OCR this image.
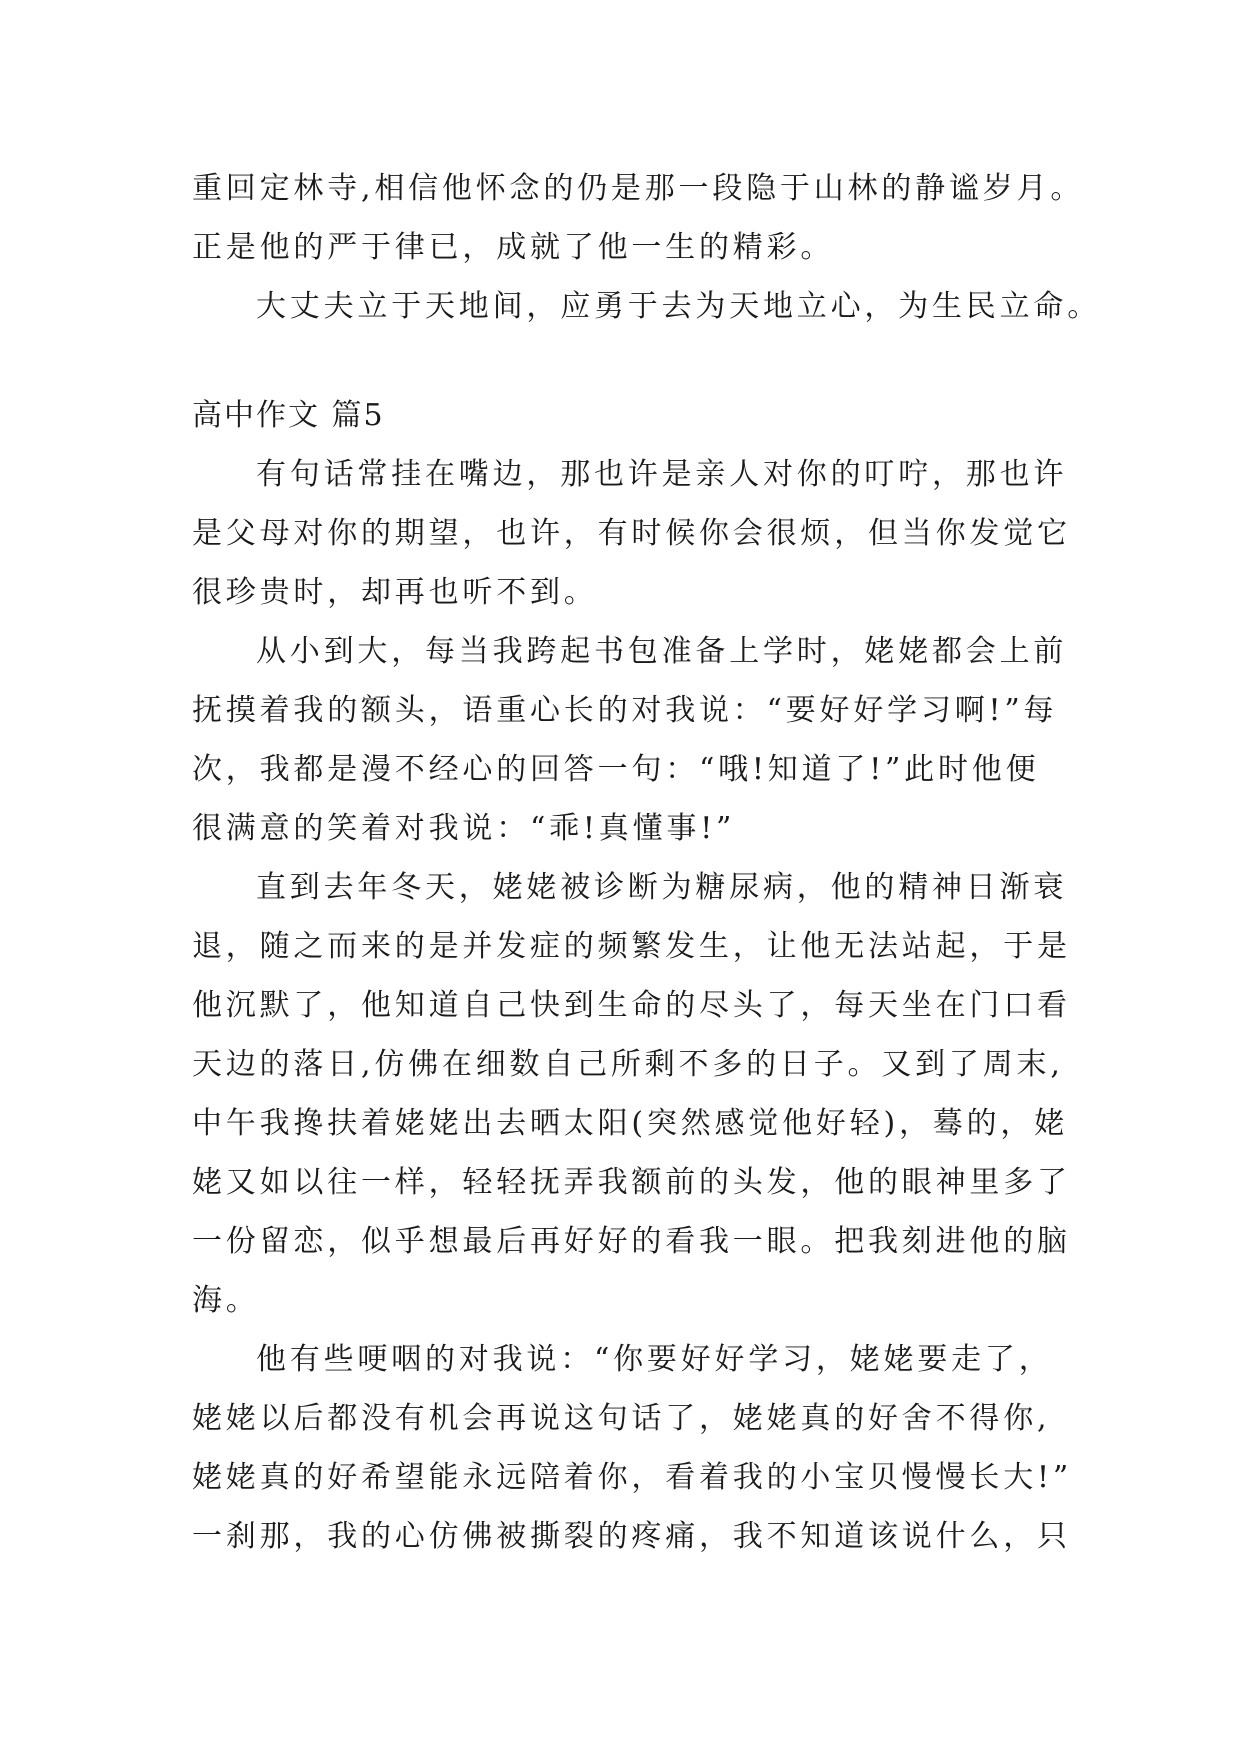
重回定林寺,相信他怀念的仍是那一段隐于山林的静谧岁月。
正是他的严于律已，成就了他一生的精彩。
大丈夫立于天地间，应勇于去为天地立心，为生民立命。
高中作文 篇5
有句话常挂在嘴边，那也许是亲人对你的叮咛，那也许
是父母对你的期望，也许，有时候你会很烦，但当你发觉它
很珍贵时，却再也听不到。
从小到大，每当我跨起书包准备上学时，姥姥都会上前
抚摸着我的额头，语重心长的对我说：“要好好学习啊!”每
次，我都是漫不经心的回答一句：“哦!知道了!”此时他便
很满意的笑着对我说：“乖!真懂事!”
直到去年冬天，姥姥被诊断为糖尿病，他的精神日渐衰
退，随之而来的是并发症的频繁发生，让他无法站起，于是
他沉默了，他知道自己快到生命的尽头了，每天坐在门口看
天边的落日,仿佛在细数自己所剩不多的日子。又到了周末,
中午我搀扶着姥姥出去晒太阳(突然感觉他好轻)，蓦的，姥
姥又如以往一样，轻轻抚弄我额前的头发，他的眼神里多了
一份留恋，似乎想最后再好好的看我一眼。把我刻进他的脑
海。
他有些哽咽的对我说：“你要好好学习，姥姥要走了，
姥姥以后都没有机会再说这句话了，姥姥真的好舍不得你,
姥姥真的好希望能永远陪着你，看着我的小宝贝慢慢长大!”
一刹那，我的心仿佛被撕裂的疼痛，我不知道该说什么，只
